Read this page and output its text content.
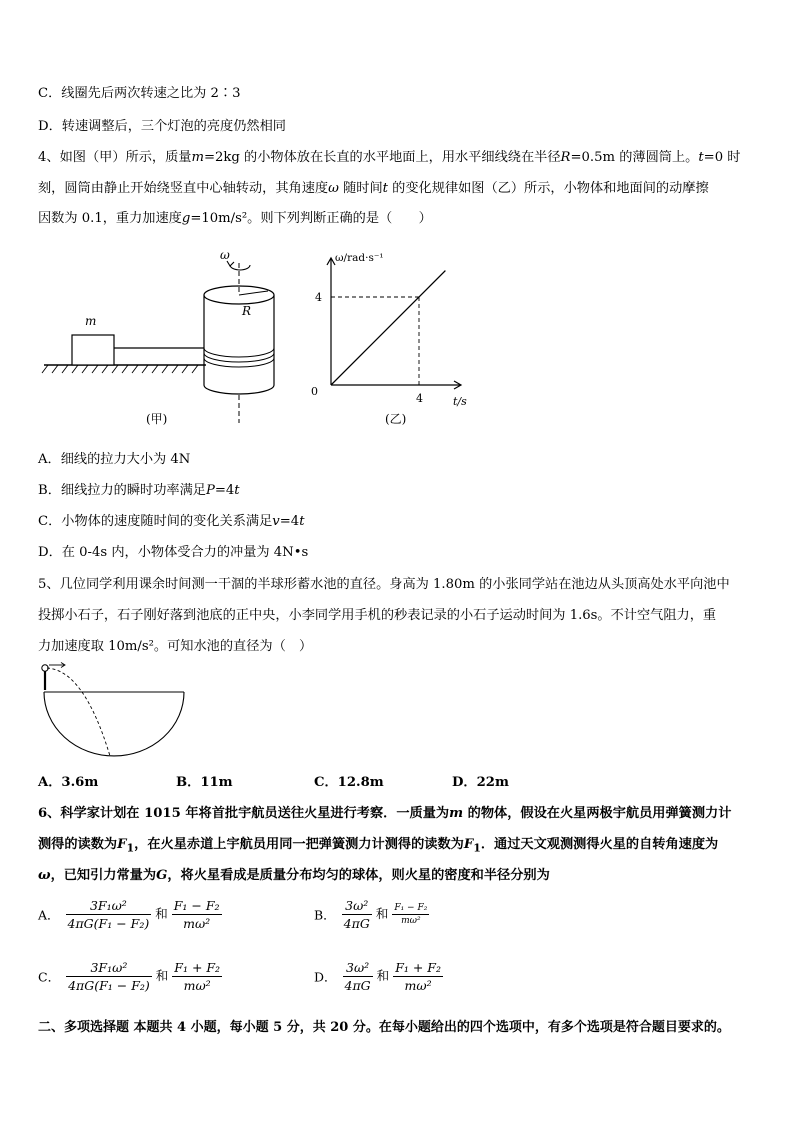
C．线圈先后两次转速之比为 2∶3
D．转速调整后，三个灯泡的亮度仍然相同
4、如图（甲）所示，质量m=2kg 的小物体放在长直的水平地面上，用水平细线绕在半径R=0.5m 的薄圆筒上。t=0 时
刻，圆筒由静止开始绕竖直中心轴转动，其角速度ω 随时间t 的变化规律如图（乙）所示，小物体和地面间的动摩擦
因数为 0.1，重力加速度g=10m/s²。则下列判断正确的是（　　）
m
R
ω
(甲)
ω/rad·s⁻¹
t/s
0
4
4
(乙)
A．细线的拉力大小为 4N
B．细线拉力的瞬时功率满足P=4t
C．小物体的速度随时间的变化关系满足v=4t
D．在 0-4s 内，小物体受合力的冲量为 4N•s
5、几位同学利用课余时间测一干涸的半球形蓄水池的直径。身高为 1.80m 的小张同学站在池边从头顶高处水平向池中
投掷小石子，石子刚好落到池底的正中央，小李同学用手机的秒表记录的小石子运动时间为 1.6s。不计空气阻力，重
力加速度取 10m/s²。可知水池的直径为（　）
A．3.6m	B．11m	C．12.8m	D．22m
6、科学家计划在 1015 年将首批宇航员送往火星进行考察．一质量为m 的物体，假设在火星两极宇航员用弹簧测力计
测得的读数为$F_1$，在火星赤道上宇航员用同一把弹簧测力计测得的读数为$F_1$．通过天文观测测得火星的自转角速度为
ω，已知引力常量为G，将火星看成是质量分布均匀的球体，则火星的密度和半径分别为
A． $\frac{\text{3F₁ω²}}{\text{4πG(F₁ − F₂)}}$ 和 $\frac{\text{F₁ − F₂}}{\text{mω²}}$	B． $\frac{\text{3ω²}}{4\pi G}$ 和 $\frac{\text{F₁ − F₂}}{\text{mω²}}$
C． $\frac{\text{3F₁ω²}}{\text{4πG(F₁ − F₂)}}$ 和 $\frac{\text{F₁ + F₂}}{\text{mω²}}$	D． $\frac{\text{3ω²}}{4\pi G}$ 和 $\frac{\text{F₁ + F₂}}{\text{mω²}}$
二、多项选择题 本题共 4 小题，每小题 5 分，共 20 分。在每小题给出的四个选项中，有多个选项是符合题目要求的。
